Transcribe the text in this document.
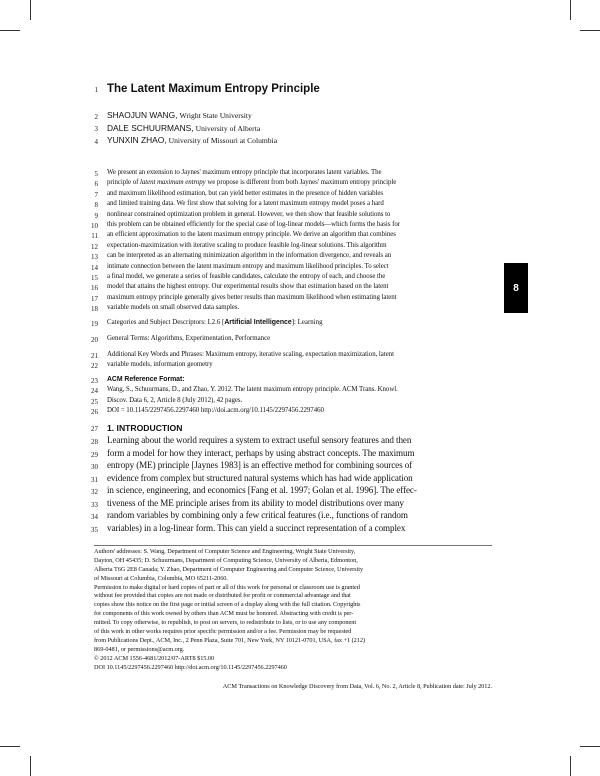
1
2
3
4
5
6
7
8
9
10
11
12
13
14
15
16
17
18
19
20
21
22
23
24
25
26
27
28
29
30
31
32
33
34
35
The Latent Maximum Entropy Principle
SHAOJUN WANG, Wright State University
DALE SCHUURMANS, University of Alberta
YUNXIN ZHAO, University of Missouri at Columbia
We present an extension to Jaynes' maximum entropy principle that incorporates latent variables. The
principle of latent maximum entropy we propose is different from both Jaynes' maximum entropy principle
and maximum likelihood estimation, but can yield better estimates in the presence of hidden variables
and limited training data. We first show that solving for a latent maximum entropy model poses a hard
nonlinear constrained optimization problem in general. However, we then show that feasible solutions to
this problem can be obtained efficiently for the special case of log-linear models—which forms the basis for
an efficient approximation to the latent maximum entropy principle. We derive an algorithm that combines
expectation-maximization with iterative scaling to produce feasible log-linear solutions. This algorithm
can be interpreted as an alternating minimization algorithm in the information divergence, and reveals an
intimate connection between the latent maximum entropy and maximum likelihood principles. To select
a final model, we generate a series of feasible candidates, calculate the entropy of each, and choose the
model that attains the highest entropy. Our experimental results show that estimation based on the latent
maximum entropy principle generally gives better results than maximum likelihood when estimating latent
variable models on small observed data samples.
Categories and Subject Descriptors: I.2.6 [Artificial Intelligence]: Learning
General Terms: Algorithms, Experimentation, Performance
Additional Key Words and Phrases: Maximum entropy, iterative scaling, expectation maximization, latent
variable models, information geometry
ACM Reference Format:
Wang, S., Schuurmans, D., and Zhao, Y. 2012. The latent maximum entropy principle. ACM Trans. Knowl.
Discov. Data 6, 2, Article 8 (July 2012), 42 pages.
DOI = 10.1145/2297456.2297460 http://doi.acm.org/10.1145/2297456.2297460
1. INTRODUCTION
Learning about the world requires a system to extract useful sensory features and then
form a model for how they interact, perhaps by using abstract concepts. The maximum
entropy (ME) principle [Jaynes 1983] is an effective method for combining sources of
evidence from complex but structured natural systems which has had wide application
in science, engineering, and economics [Fang et al. 1997; Golan et al. 1996]. The effec-
tiveness of the ME principle arises from its ability to model distributions over many
random variables by combining only a few critical features (i.e., functions of random
variables) in a log-linear form. This can yield a succinct representation of a complex
Authors' addresses: S. Wang, Department of Computer Science and Engineering, Wright State University,
Dayton, OH 45435; D. Schuurmans, Department of Computing Science, University of Alberta, Edmonton,
Alberta T6G 2E8 Canada; Y. Zhao, Department of Computer Engineering and Computer Science, University
of Missouri at Columbia, Columbia, MO 65211-2060.
Permission to make digital or hard copies of part or all of this work for personal or classroom use is granted
without fee provided that copies are not made or distributed for profit or commercial advantage and that
copies show this notice on the first page or initial screen of a display along with the full citation. Copyrights
for components of this work owned by others than ACM must be honored. Abstracting with credit is per-
mitted. To copy otherwise, to republish, to post on servers, to redistribute to lists, or to use any component
of this work in other works requires prior specific permission and/or a fee. Permission may be requested
from Publications Dept., ACM, Inc., 2 Penn Plaza, Suite 701, New York, NY 10121-0701, USA, fax +1 (212)
869-0481, or permissions@acm.org.
© 2012 ACM 1556-4681/2012/07-ART8 $15.00
DOI 10.1145/2297456.2297460 http://doi.acm.org/10.1145/2297456.2297460
ACM Transactions on Knowledge Discovery from Data, Vol. 6, No. 2, Article 8, Publication date: July 2012.
8
